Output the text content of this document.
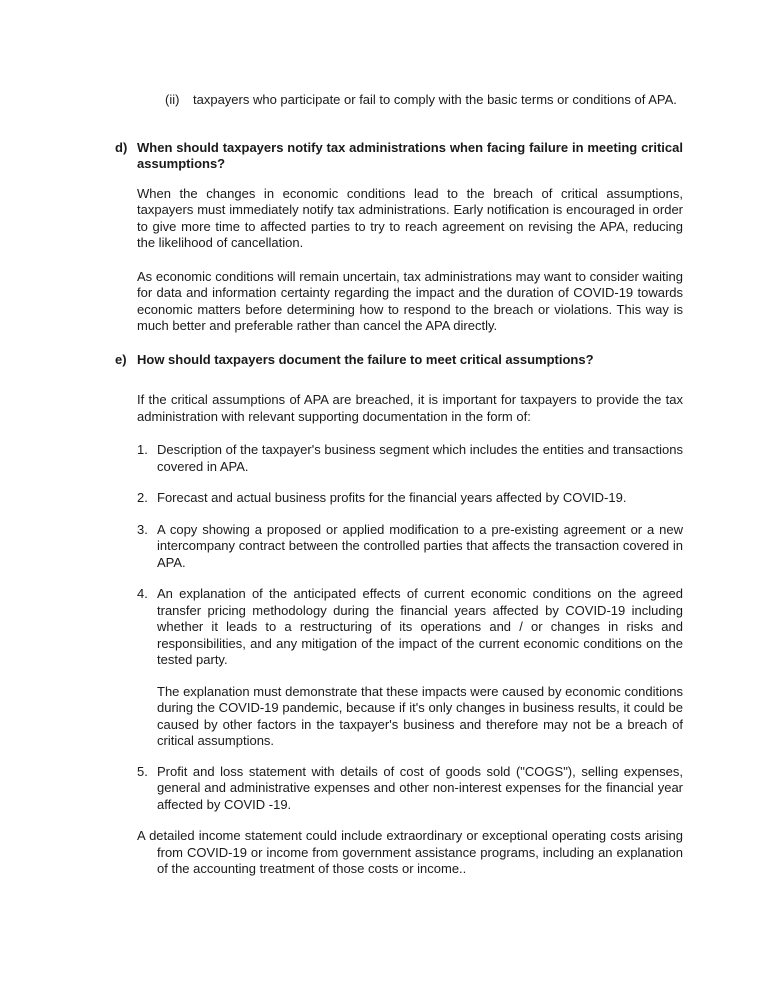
(ii)	taxpayers who participate or fail to comply with the basic terms or conditions of APA.
d) When should taxpayers notify tax administrations when facing failure in meeting critical assumptions?

When the changes in economic conditions lead to the breach of critical assumptions, taxpayers must immediately notify tax administrations. Early notification is encouraged in order to give more time to affected parties to try to reach agreement on revising the APA, reducing the likelihood of cancellation.

As economic conditions will remain uncertain, tax administrations may want to consider waiting for data and information certainty regarding the impact and the duration of COVID-19 towards economic matters before determining how to respond to the breach or violations. This way is much better and preferable rather than cancel the APA directly.

e) How should taxpayers document the failure to meet critical assumptions?

If the critical assumptions of APA are breached, it is important for taxpayers to provide the tax administration with relevant supporting documentation in the form of:

1. Description of the taxpayer's business segment which includes the entities and transactions covered in APA.
2. Forecast and actual business profits for the financial years affected by COVID-19.
3. A copy showing a proposed or applied modification to a pre-existing agreement or a new intercompany contract between the controlled parties that affects the transaction covered in APA.
4. An explanation of the anticipated effects of current economic conditions on the agreed transfer pricing methodology during the financial years affected by COVID-19 including whether it leads to a restructuring of its operations and / or changes in risks and responsibilities, and any mitigation of the impact of the current economic conditions on the tested party.

The explanation must demonstrate that these impacts were caused by economic conditions during the COVID-19 pandemic, because if it's only changes in business results, it could be caused by other factors in the taxpayer's business and therefore may not be a breach of critical assumptions.

5. Profit and loss statement with details of cost of goods sold ("COGS"), selling expenses, general and administrative expenses and other non-interest expenses for the financial year affected by COVID -19.

A detailed income statement could include extraordinary or exceptional operating costs arising from COVID-19 or income from government assistance programs, including an explanation of the accounting treatment of those costs or income..
